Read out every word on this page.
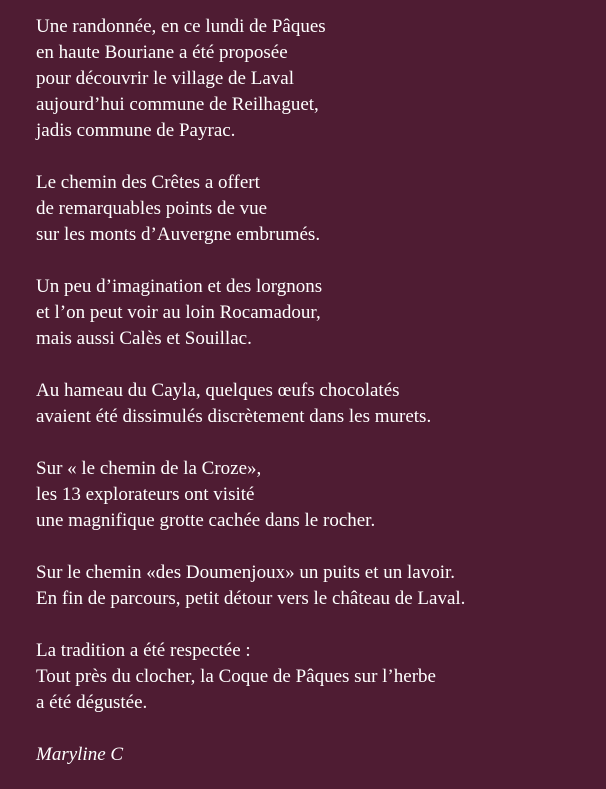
Une randonnée, en ce lundi de Pâques
en haute Bouriane a été proposée
pour découvrir le village de Laval
aujourd’hui commune de Reilhaguet,
jadis commune de Payrac.
Le chemin des Crêtes a offert
de remarquables points de vue
sur les monts d’Auvergne embrumés.
Un peu d’imagination et des lorgnons
et l’on peut voir au loin Rocamadour,
mais aussi Calès et Souillac.
Au hameau du Cayla, quelques œufs chocolatés
avaient été dissimulés discrètement dans les murets.
Sur « le chemin de la Croze»,
les 13 explorateurs ont visité
une magnifique grotte cachée dans le rocher.
Sur le chemin «des Doumenjoux» un puits et un lavoir.
En fin de parcours, petit détour vers le château de Laval.
La tradition a été respectée :
Tout près du clocher, la Coque de Pâques sur l’herbe
a été dégustée.
Maryline C
